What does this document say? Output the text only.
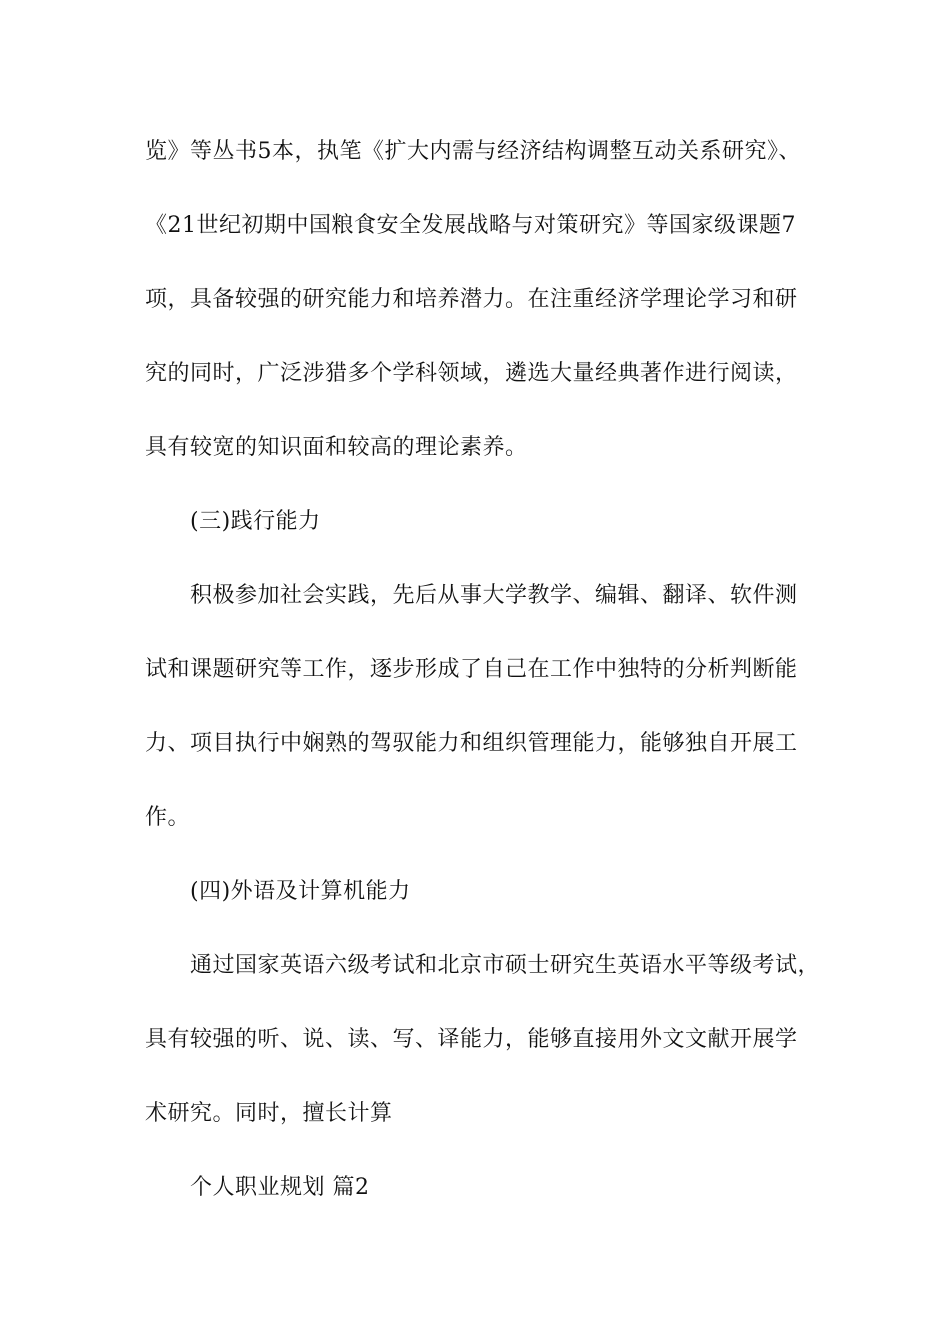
览》等丛书5本，执笔《扩大内需与经济结构调整互动关系研究》、
《21世纪初期中国粮食安全发展战略与对策研究》等国家级课题7
项，具备较强的研究能力和培养潜力。在注重经济学理论学习和研
究的同时，广泛涉猎多个学科领域，遴选大量经典著作进行阅读，
具有较宽的知识面和较高的理论素养。
(三)践行能力
积极参加社会实践，先后从事大学教学、编辑、翻译、软件测
试和课题研究等工作，逐步形成了自己在工作中独特的分析判断能
力、项目执行中娴熟的驾驭能力和组织管理能力，能够独自开展工
作。
(四)外语及计算机能力
通过国家英语六级考试和北京市硕士研究生英语水平等级考试，
具有较强的听、说、读、写、译能力，能够直接用外文文献开展学
术研究。同时，擅长计算
个人职业规划 篇2
